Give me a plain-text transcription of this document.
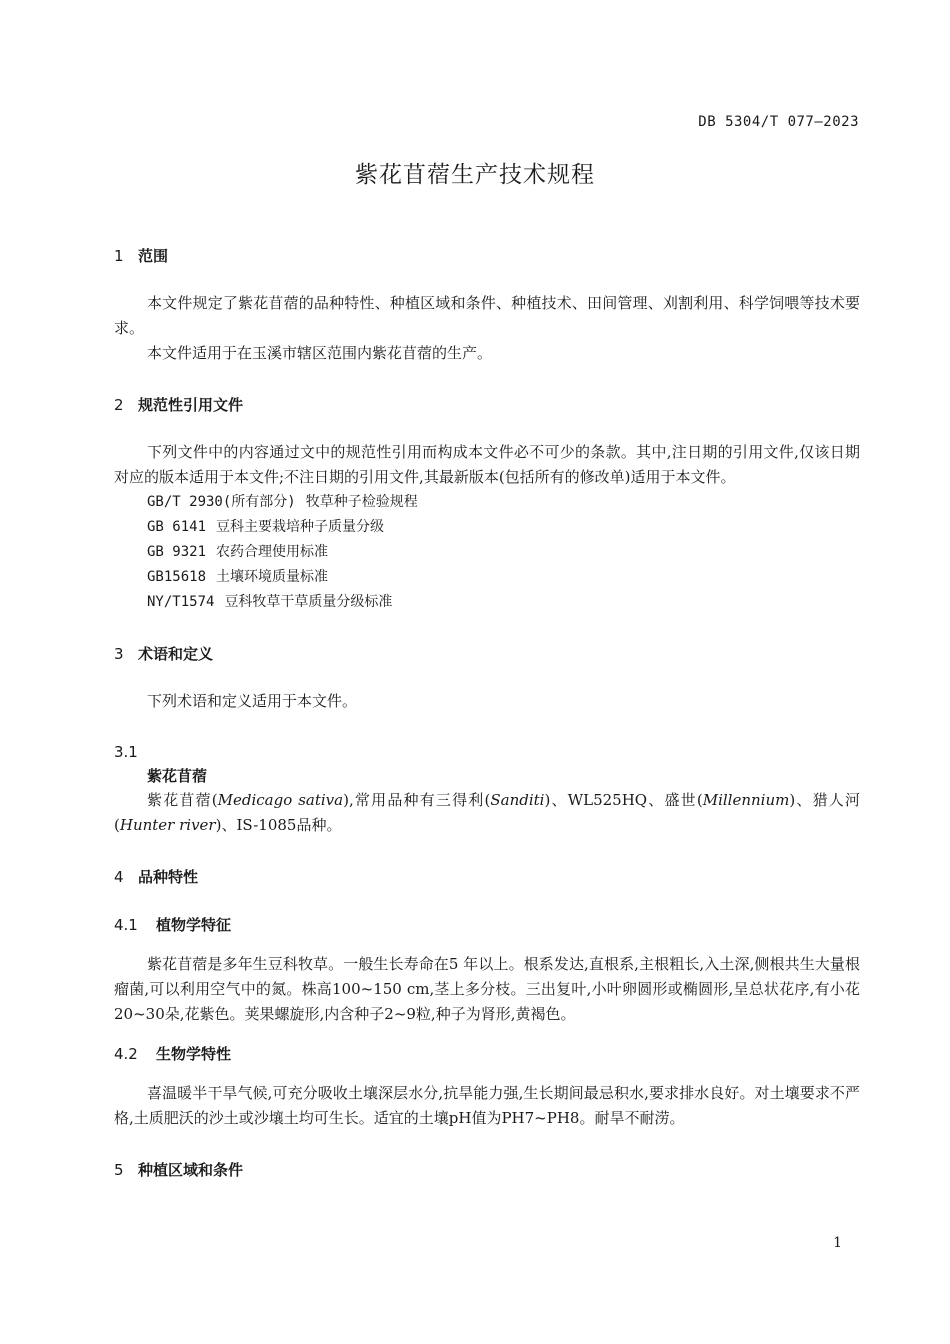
DB 5304/T 077—2023
紫花苜蓿生产技术规程
1 范围

本文件规定了紫花苜蓿的品种特性、种植区域和条件、种植技术、田间管理、刈割利用、科学饲喂等技术要求。

本文件适用于在玉溪市辖区范围内紫花苜蓿的生产。

2 规范性引用文件

下列文件中的内容通过文中的规范性引用而构成本文件必不可少的条款。其中,注日期的引用文件,仅该日期对应的版本适用于本文件;不注日期的引用文件,其最新版本(包括所有的修改单)适用于本文件。

GB/T 2930(所有部分) 牧草种子检验规程

GB 6141 豆科主要栽培种子质量分级

GB 9321 农药合理使用标准

GB15618 土壤环境质量标准

NY/T1574 豆科牧草干草质量分级标准

3 术语和定义

下列术语和定义适用于本文件。

3.1
紫花苜蓿

紫花苜蓿(Medicago sativa),常用品种有三得利(Sanditi)、WL525HQ、盛世(Millennium)、猎人河(Hunter river)、IS-1085品种。

4 品种特性
4.1 植物学特征

紫花苜蓿是多年生豆科牧草。一般生长寿命在5 年以上。根系发达,直根系,主根粗长,入土深,侧根共生大量根瘤菌,可以利用空气中的氮。株高100~150 cm,茎上多分枝。三出复叶,小叶卵圆形或椭圆形,呈总状花序,有小花 20~30朵,花紫色。荚果螺旋形,内含种子2~9粒,种子为肾形,黄褐色。

4.2 生物学特性

喜温暖半干旱气候,可充分吸收土壤深层水分,抗旱能力强,生长期间最忌积水,要求排水良好。对土壤要求不严格,土质肥沃的沙土或沙壤土均可生长。适宜的土壤pH值为PH7~PH8。耐旱不耐涝。

5 种植区域和条件
1
